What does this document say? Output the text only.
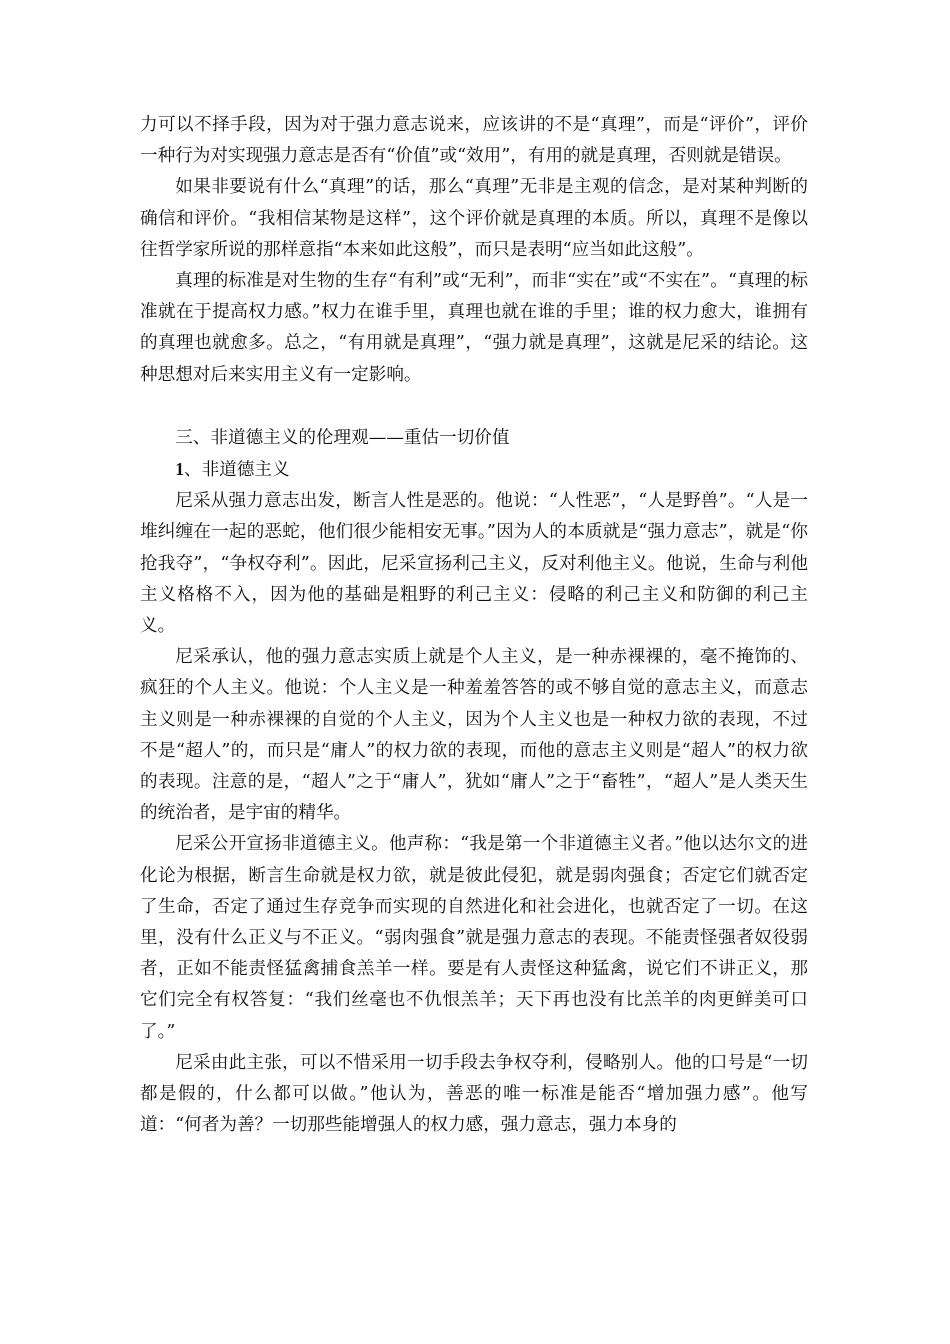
力可以不择手段，因为对于强力意志说来，应该讲的不是“真理”，而是“评价”，评价一种行为对实现强力意志是否有“价值”或“效用”，有用的就是真理，否则就是错误。

如果非要说有什么“真理”的话，那么“真理”无非是主观的信念，是对某种判断的确信和评价。“我相信某物是这样”，这个评价就是真理的本质。所以，真理不是像以往哲学家所说的那样意指“本来如此这般”，而只是表明“应当如此这般”。

真理的标准是对生物的生存“有利”或“无利”，而非“实在”或“不实在”。“真理的标准就在于提高权力感。”权力在谁手里，真理也就在谁的手里；谁的权力愈大，谁拥有的真理也就愈多。总之，“有用就是真理”，“强力就是真理”，这就是尼采的结论。这种思想对后来实用主义有一定影响。

三、非道德主义的伦理观——重估一切价值

1、非道德主义

尼采从强力意志出发，断言人性是恶的。他说：“人性恶”，“人是野兽”。“人是一堆纠缠在一起的恶蛇，他们很少能相安无事。”因为人的本质就是“强力意志”，就是“你抢我夺”，“争权夺利”。因此，尼采宣扬利己主义，反对利他主义。他说，生命与利他主义格格不入，因为他的基础是粗野的利己主义：侵略的利己主义和防御的利己主义。

尼采承认，他的强力意志实质上就是个人主义，是一种赤裸裸的，毫不掩饰的、疯狂的个人主义。他说：个人主义是一种羞羞答答的或不够自觉的意志主义，而意志主义则是一种赤裸裸的自觉的个人主义，因为个人主义也是一种权力欲的表现，不过不是“超人”的，而只是“庸人”的权力欲的表现，而他的意志主义则是“超人”的权力欲的表现。注意的是，“超人”之于“庸人”，犹如“庸人”之于“畜牲”，“超人”是人类天生的统治者，是宇宙的精华。

尼采公开宣扬非道德主义。他声称：“我是第一个非道德主义者。”他以达尔文的进化论为根据，断言生命就是权力欲，就是彼此侵犯，就是弱肉强食；否定它们就否定了生命，否定了通过生存竞争而实现的自然进化和社会进化，也就否定了一切。在这里，没有什么正义与不正义。“弱肉强食”就是强力意志的表现。不能责怪强者奴役弱者，正如不能责怪猛禽捕食羔羊一样。要是有人责怪这种猛禽，说它们不讲正义，那它们完全有权答复：“我们丝毫也不仇恨羔羊；天下再也没有比羔羊的肉更鲜美可口了。”

尼采由此主张，可以不惜采用一切手段去争权夺利，侵略别人。他的口号是“一切都是假的，什么都可以做。”他认为，善恶的唯一标准是能否“增加强力感”。他写道：“何者为善？一切那些能增强人的权力感，强力意志，强力本身的
